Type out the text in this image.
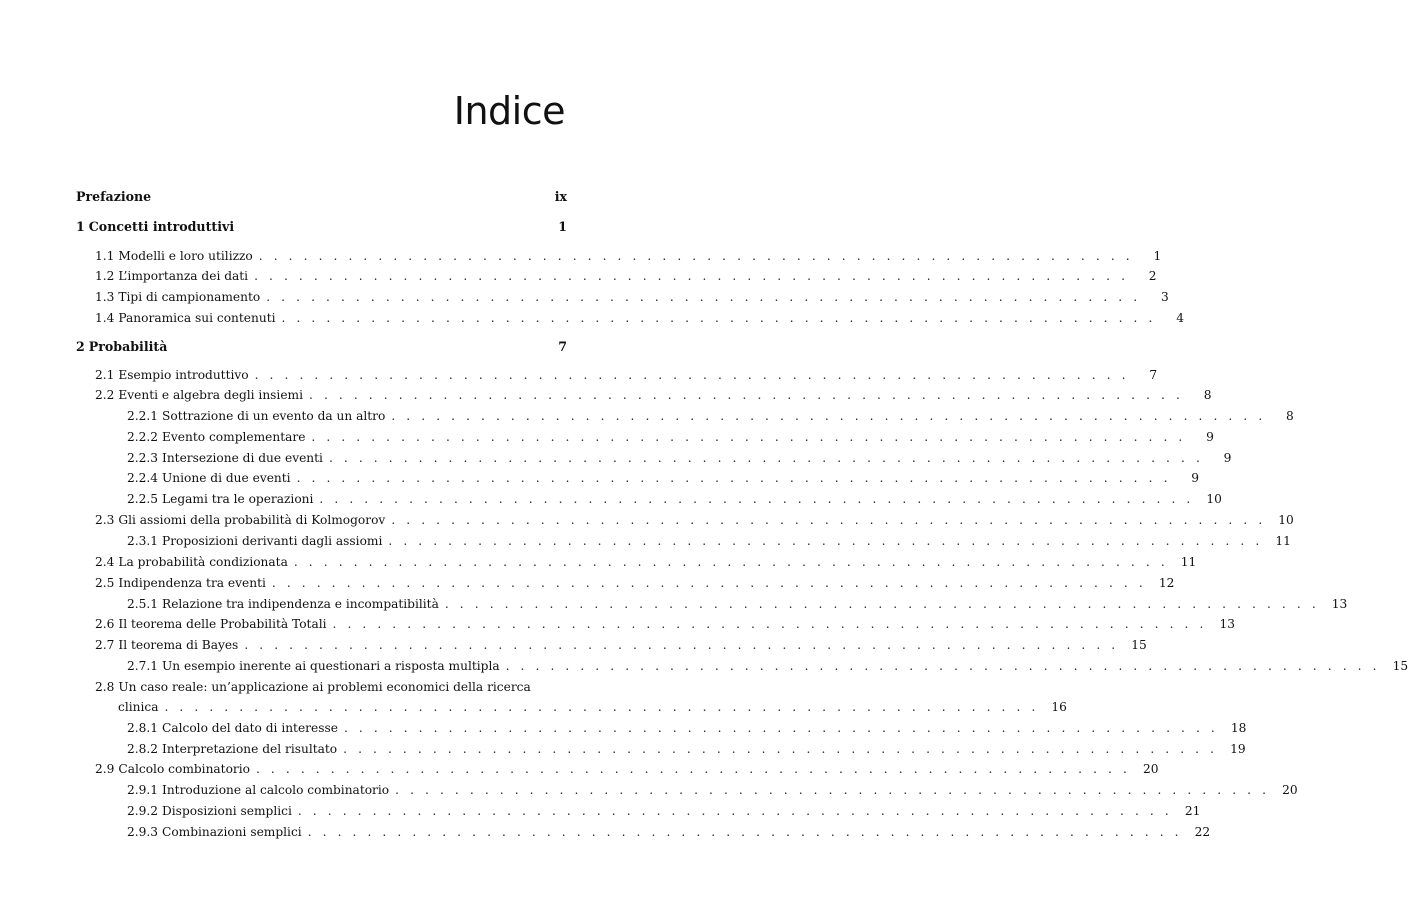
Indice
Prefazione	ix
1 Concetti introduttivi	1
1.1 Modelli e loro utilizzo . . . . . . . . . . . . . . . . . . . . . . . . . . . . . . . . . . . . . . . . . . . . . . . . . . . . . . . . . . .	1
1.2 L’importanza dei dati . . . . . . . . . . . . . . . . . . . . . . . . . . . . . . . . . . . . . . . . . . . . . . . . . . . . . . . . . . .	2
1.3 Tipi di campionamento . . . . . . . . . . . . . . . . . . . . . . . . . . . . . . . . . . . . . . . . . . . . . . . . . . . . . . . . . . .	3
1.4 Panoramica sui contenuti . . . . . . . . . . . . . . . . . . . . . . . . . . . . . . . . . . . . . . . . . . . . . . . . . . . . . . . . . . .	4
2 Probabilità	7
2.1 Esempio introduttivo . . . . . . . . . . . . . . . . . . . . . . . . . . . . . . . . . . . . . . . . . . . . . . . . . . . . . . . . . . .	7
2.2 Eventi e algebra degli insiemi . . . . . . . . . . . . . . . . . . . . . . . . . . . . . . . . . . . . . . . . . . . . . . . . . . . . . . . . . . .	8
2.2.1 Sottrazione di un evento da un altro . . . . . . . . . . . . . . . . . . . . . . . . . . . . . . . . . . . . . . . . . . . . . . . . . . . . . . . . . . .	8
2.2.2 Evento complementare . . . . . . . . . . . . . . . . . . . . . . . . . . . . . . . . . . . . . . . . . . . . . . . . . . . . . . . . . . .	9
2.2.3 Intersezione di due eventi . . . . . . . . . . . . . . . . . . . . . . . . . . . . . . . . . . . . . . . . . . . . . . . . . . . . . . . . . . .	9
2.2.4 Unione di due eventi . . . . . . . . . . . . . . . . . . . . . . . . . . . . . . . . . . . . . . . . . . . . . . . . . . . . . . . . . . .	9
2.2.5 Legami tra le operazioni . . . . . . . . . . . . . . . . . . . . . . . . . . . . . . . . . . . . . . . . . . . . . . . . . . . . . . . . . . .	10
2.3 Gli assiomi della probabilità di Kolmogorov . . . . . . . . . . . . . . . . . . . . . . . . . . . . . . . . . . . . . . . . . . . . . . . . . . . . . . . . . . .	10
2.3.1 Proposizioni derivanti dagli assiomi . . . . . . . . . . . . . . . . . . . . . . . . . . . . . . . . . . . . . . . . . . . . . . . . . . . . . . . . . . .	11
2.4 La probabilità condizionata . . . . . . . . . . . . . . . . . . . . . . . . . . . . . . . . . . . . . . . . . . . . . . . . . . . . . . . . . . .	11
2.5 Indipendenza tra eventi . . . . . . . . . . . . . . . . . . . . . . . . . . . . . . . . . . . . . . . . . . . . . . . . . . . . . . . . . . .	12
2.5.1 Relazione tra indipendenza e incompatibilità . . . . . . . . . . . . . . . . . . . . . . . . . . . . . . . . . . . . . . . . . . . . . . . . . . . . . . . . . . .	13
2.6 Il teorema delle Probabilità Totali . . . . . . . . . . . . . . . . . . . . . . . . . . . . . . . . . . . . . . . . . . . . . . . . . . . . . . . . . . .	13
2.7 Il teorema di Bayes . . . . . . . . . . . . . . . . . . . . . . . . . . . . . . . . . . . . . . . . . . . . . . . . . . . . . . . . . . .	15
2.7.1 Un esempio inerente ai questionari a risposta multipla . . . . . . . . . . . . . . . . . . . . . . . . . . . . . . . . . . . . . . . . . . . . . . . . . . . . . . . . . . .	15
2.8 Un caso reale: un’applicazione ai problemi economici della ricerca
clinica . . . . . . . . . . . . . . . . . . . . . . . . . . . . . . . . . . . . . . . . . . . . . . . . . . . . . . . . . . .	16
2.8.1 Calcolo del dato di interesse . . . . . . . . . . . . . . . . . . . . . . . . . . . . . . . . . . . . . . . . . . . . . . . . . . . . . . . . . . .	18
2.8.2 Interpretazione del risultato . . . . . . . . . . . . . . . . . . . . . . . . . . . . . . . . . . . . . . . . . . . . . . . . . . . . . . . . . . .	19
2.9 Calcolo combinatorio . . . . . . . . . . . . . . . . . . . . . . . . . . . . . . . . . . . . . . . . . . . . . . . . . . . . . . . . . . .	20
2.9.1 Introduzione al calcolo combinatorio . . . . . . . . . . . . . . . . . . . . . . . . . . . . . . . . . . . . . . . . . . . . . . . . . . . . . . . . . . .	20
2.9.2 Disposizioni semplici . . . . . . . . . . . . . . . . . . . . . . . . . . . . . . . . . . . . . . . . . . . . . . . . . . . . . . . . . . .	21
2.9.3 Combinazioni semplici . . . . . . . . . . . . . . . . . . . . . . . . . . . . . . . . . . . . . . . . . . . . . . . . . . . . . . . . . . .	22
